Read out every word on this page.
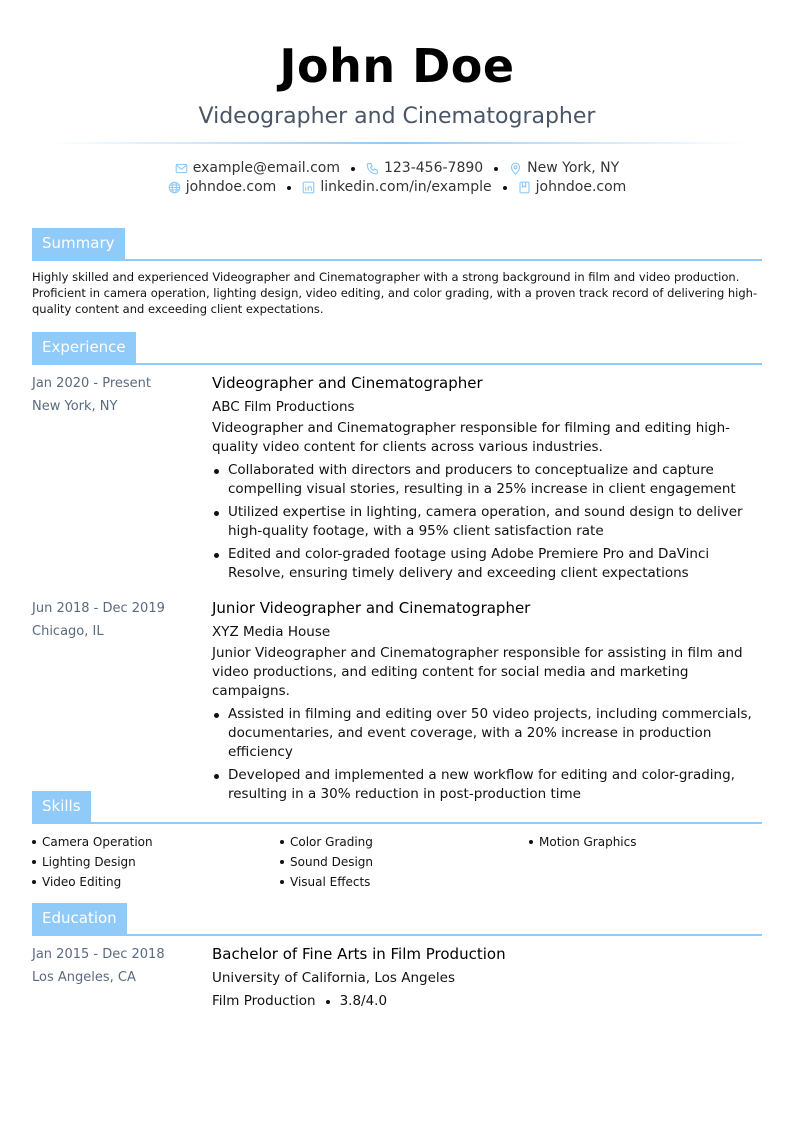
John Doe
Videographer and Cinematographer
example@email.com	123-456-7890	New York, NY
johndoe.com	linkedin.com/in/example	johndoe.com
Summary

Highly skilled and experienced Videographer and Cinematographer with a strong background in film and video production. Proficient in camera operation, lighting design, video editing, and color grading, with a proven track record of delivering high-quality content and exceeding client expectations.

Experience
Jan 2020 - Present
New York, NY
Videographer and Cinematographer
ABC Film Productions
Videographer and Cinematographer responsible for filming and editing high-quality video content for clients across various industries.
Collaborated with directors and producers to conceptualize and capture compelling visual stories, resulting in a 25% increase in client engagement
Utilized expertise in lighting, camera operation, and sound design to deliver high-quality footage, with a 95% client satisfaction rate
Edited and color-graded footage using Adobe Premiere Pro and DaVinci Resolve, ensuring timely delivery and exceeding client expectations
Jun 2018 - Dec 2019
Chicago, IL
Junior Videographer and Cinematographer
XYZ Media House
Junior Videographer and Cinematographer responsible for assisting in film and video productions, and editing content for social media and marketing campaigns.
Assisted in filming and editing over 50 video projects, including commercials, documentaries, and event coverage, with a 20% increase in production efficiency
Developed and implemented a new workflow for editing and color-grading, resulting in a 30% reduction in post-production time
Skills
Camera Operation	Color Grading	Motion Graphics
Lighting Design	Sound Design
Video Editing	Visual Effects
Education
Jan 2015 - Dec 2018
Los Angeles, CA
Bachelor of Fine Arts in Film Production
University of California, Los Angeles
Film Production 3.8/4.0
